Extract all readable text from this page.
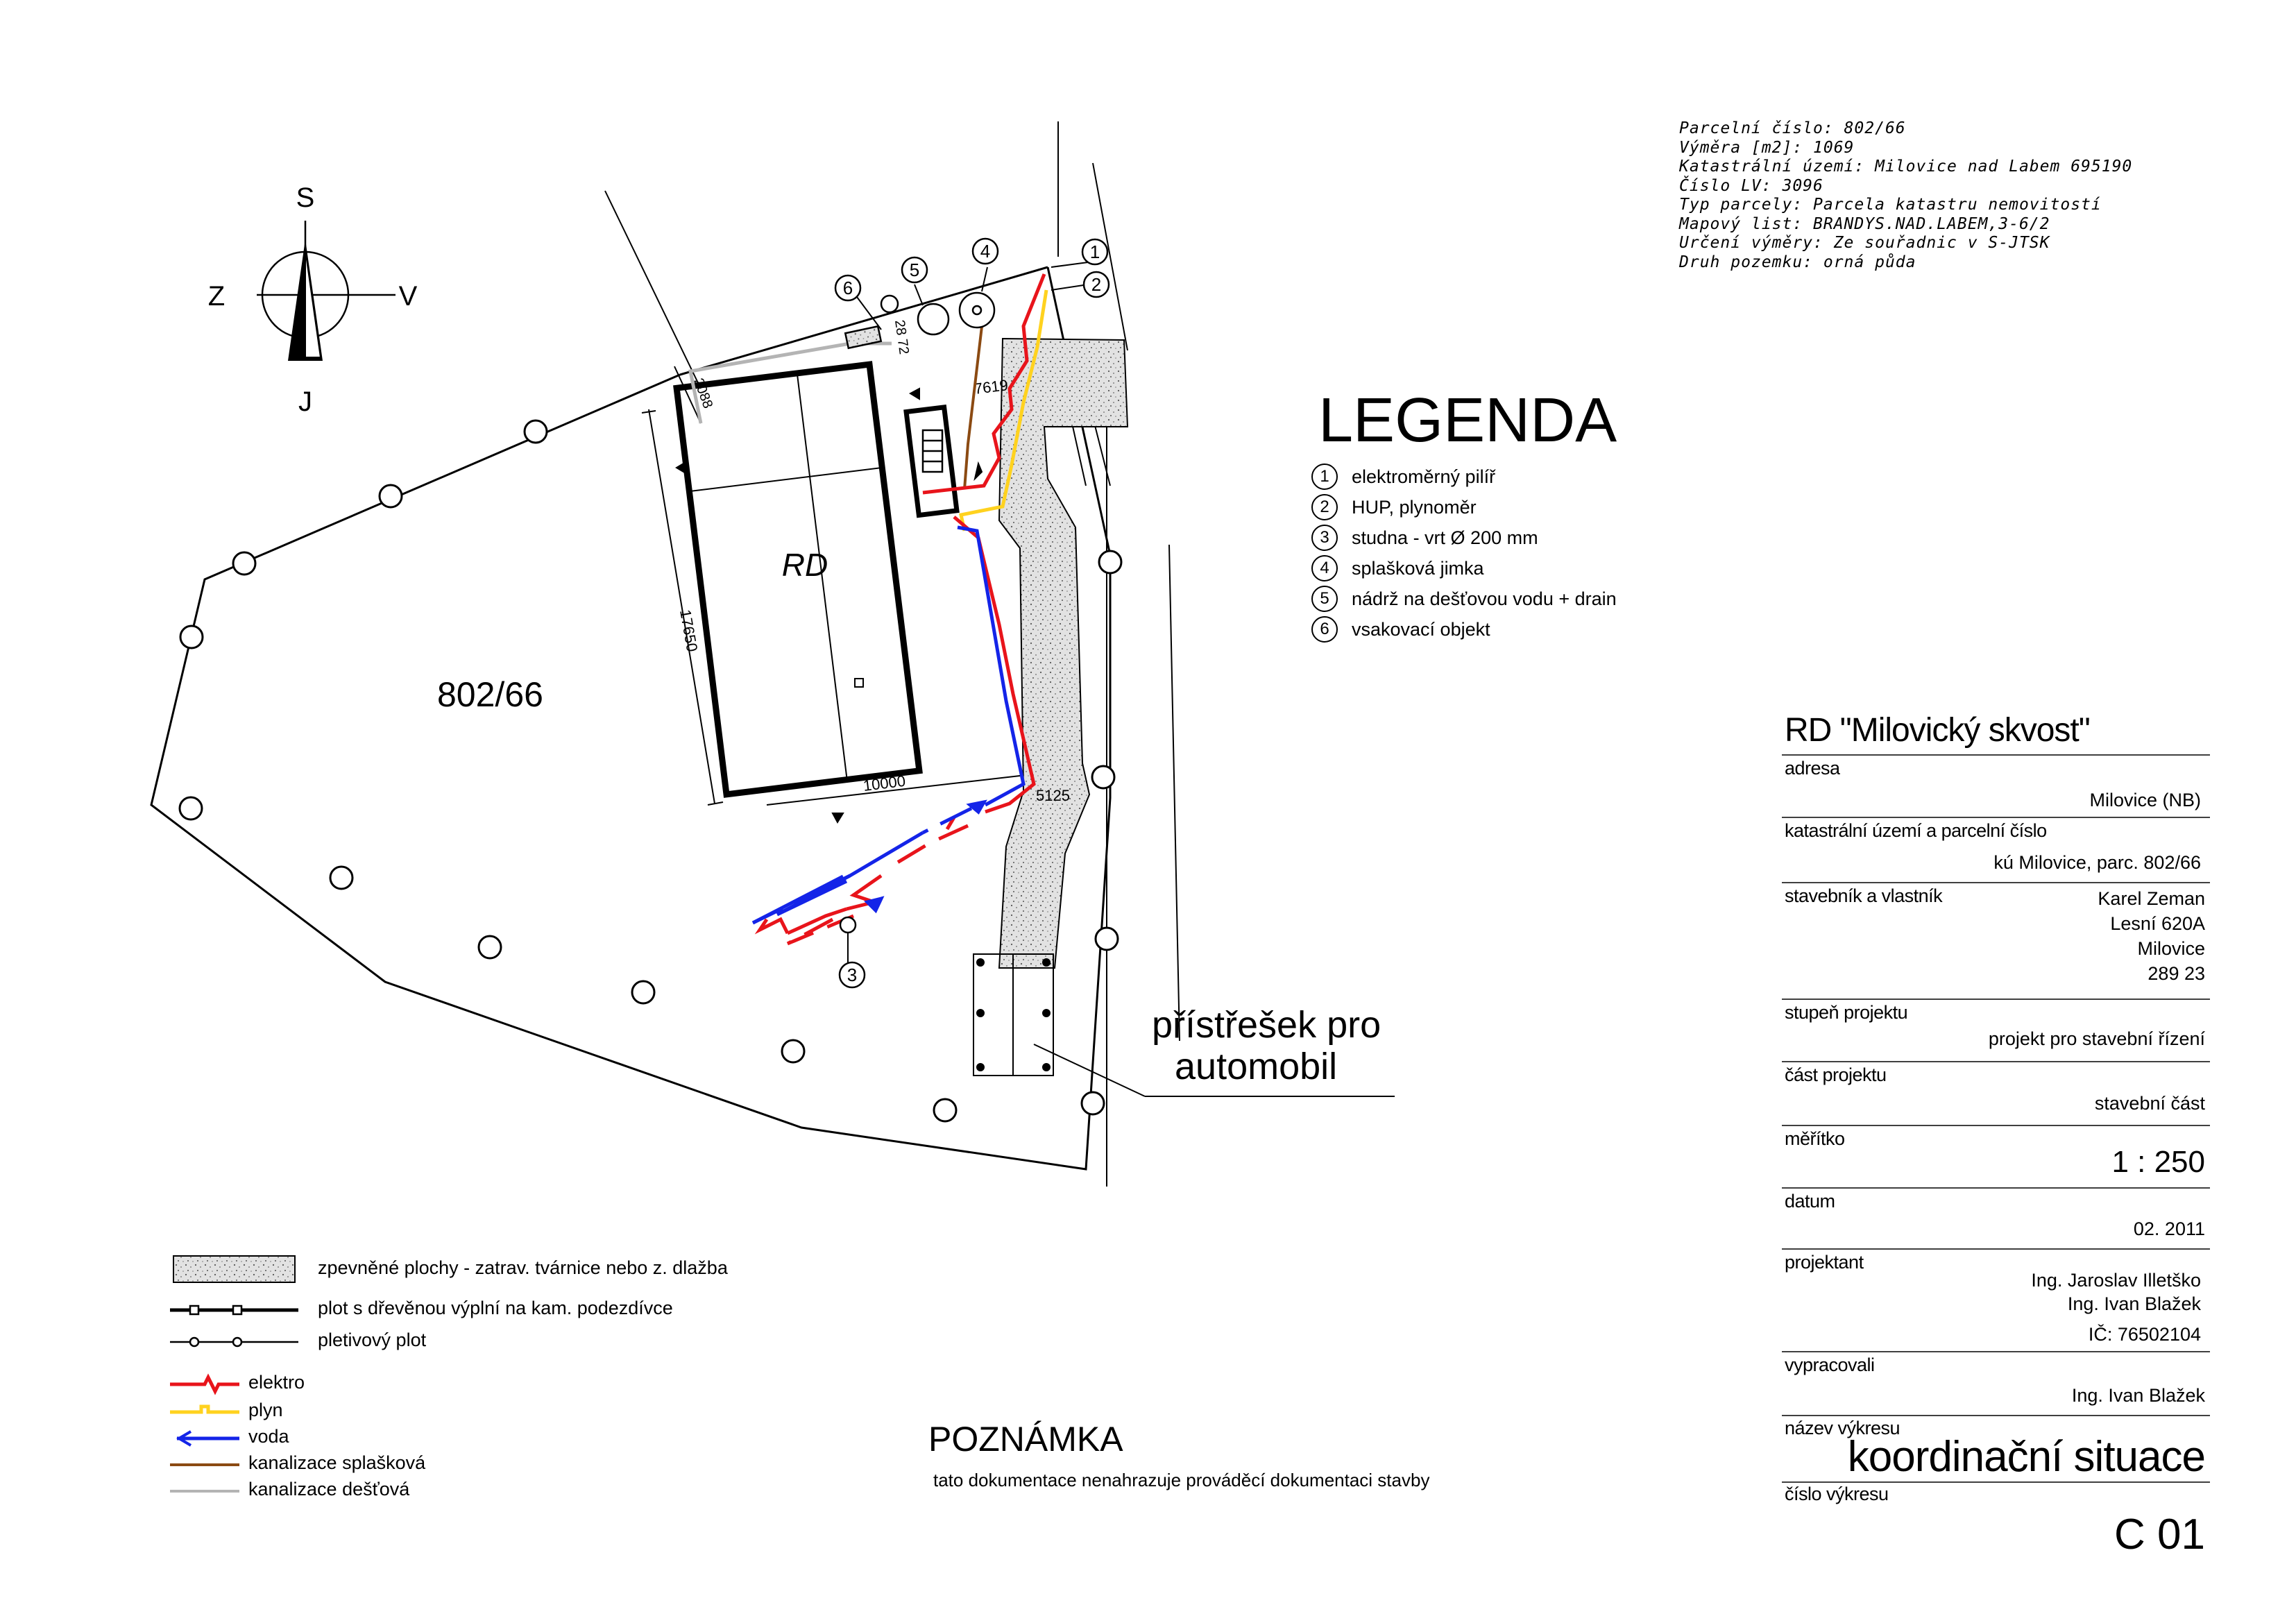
S
J
Z	V
RD
17650
10000
7619
5125
2088
28 72
1
2
4
5
6
3
přístřešek pro
automobil
802/66
Parcelní číslo: 802/66
Výměra [m2]: 1069
Katastrální území: Milovice nad Labem 695190
Číslo LV: 3096
Typ parcely: Parcela katastru nemovitostí
Mapový list: BRANDYS.NAD.LABEM,3-6/2
Určení výměry: Ze souřadnic v S-JTSK
Druh pozemku: orná půda
LEGENDA
1	elektroměrný pilíř
2	HUP, plynoměr
3	studna - vrt Ø 200 mm
4	splašková jimka
5	nádrž na dešťovou vodu + drain
6	vsakovací objekt
zpevněné plochy - zatrav. tvárnice nebo z. dlažba
plot s dřevěnou výplní na kam. podezdívce
pletivový plot
elektro
plyn
voda
kanalizace splašková
kanalizace dešťová
POZNÁMKA
tato dokumentace nenahrazuje prováděcí dokumentaci stavby
RD "Milovický skvost"
adresa
Milovice (NB)
katastrální území a parcelní číslo
kú Milovice, parc. 802/66
stavebník a vlastník	Karel Zeman
Lesní 620A
Milovice
289 23
stupeň projektu
projekt pro stavební řízení
část projektu
stavební část
měřítko
1 : 250
datum
02. 2011
projektant
Ing. Jaroslav Illetško
Ing. Ivan Blažek
IČ: 76502104
vypracovali
Ing. Ivan Blažek
název výkresu
koordinační situace
číslo výkresu
C 01
